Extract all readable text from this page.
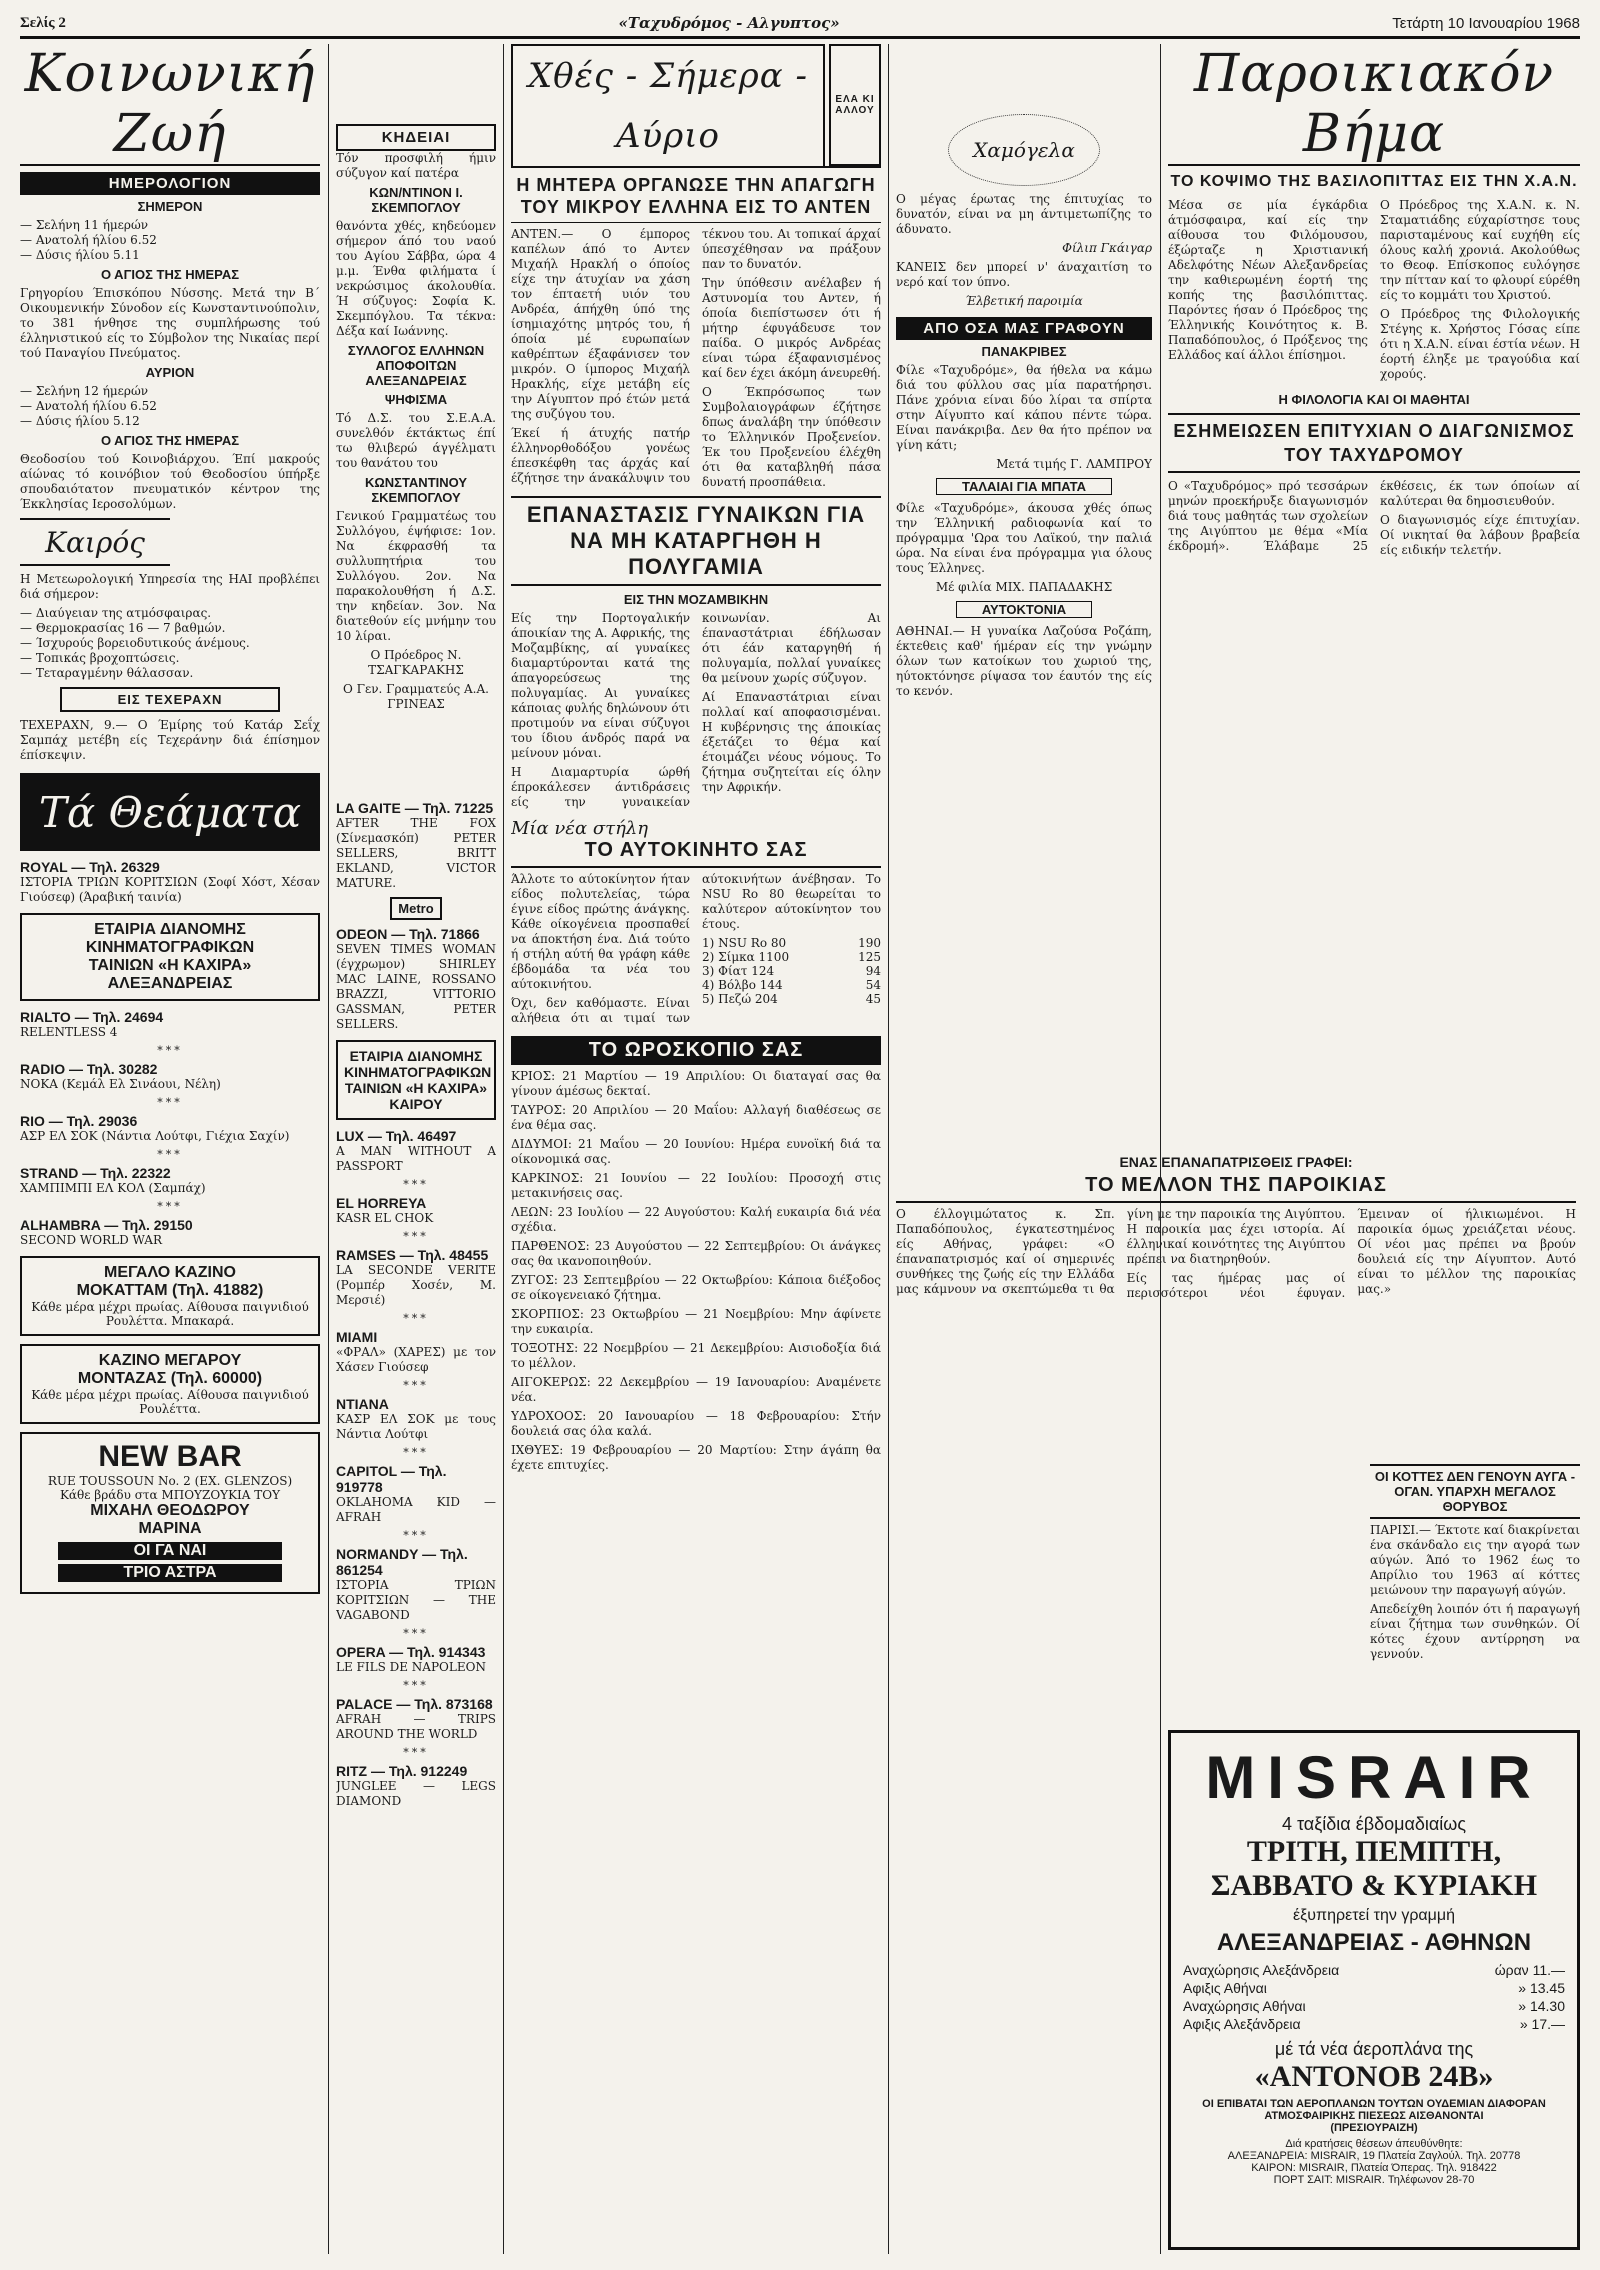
Σελίς 2	«Ταχυδρόμος - Αλγυπτος»	Τετάρτη 10 Ιανουαρίου 1968
Κοινωνική Ζωή
ΗΜΕΡΟΛΟΓΙΟΝ
ΣΗΜΕΡΟΝ

— Σελήνη 11 ήμερών

— Ανατολή ήλίου 6.52

— Δύσις ήλίου 5.11

Ο ΑΓΙΟΣ ΤΗΣ ΗΜΕΡΑΣ

Γρηγορίου Έπισκόπου Νύσσης. Μετά την Β΄ Οικουμενικήν Σύνοδον είς Κωνσταντινούπολιν, το 381 ήνθησε της συμπλήρωσης τού έλληνιστικού είς το Σύμβολον της Νικαίας περί τού Παναγίου Πνεύματος.

ΑΥΡΙΟΝ

— Σελήνη 12 ήμερών

— Ανατολή ήλίου 6.52

— Δύσις ήλίου 5.12

Ο ΑΓΙΟΣ ΤΗΣ ΗΜΕΡΑΣ

Θεοδοσίου τού Κοινοβιάρχου. Έπί μακρούς αίώνας τό κοινόβιον τού Θεοδοσίου ύπήρξε σπουδαιότατον πνευματικόν κέντρον της Έκκλησίας Ιεροσολύμων.

Καιρός

Η Μετεωρολογική Υπηρεσία της ΗΑΙ προβλέπει διά σήμερον:

— Διαύγειαν της ατμόσφαιρας.

— Θερμοκρασίας 16 — 7 βαθμών.

— Ίσχυρούς βορειοδυτικούς άνέμους.

— Τοπικάς βροχοπτώσεις.

— Τεταραγμένην θάλασσαν.

ΕΙΣ ΤΕΧΕΡΑΧΝ

ΤΕΧΕΡΑΧΝ, 9.— Ο Έμίρης τού Κατάρ Σεΐχ Σαμπάχ μετέβη είς Τεχεράνην διά έπίσημον έπίσκεψιν.

Τά Θεάματα
ROYAL — Τηλ. 26329

ΙΣΤΟΡΙΑ ΤΡΙΩΝ ΚΟΡΙΤΣΙΩΝ (Σοφί Χόστ, Χέσαν Γιούσεφ) (Άραβική ταινία)

ΕΤΑΙΡΙΑ ΔΙΑΝΟΜΗΣ
ΚΙΝΗΜΑΤΟΓΡΑΦΙΚΩΝ
ΤΑΙΝΙΩΝ «Η ΚΑΧΙΡΑ»
ΑΛΕΞΑΝΔΡΕΙΑΣ
RIALTO — Τηλ. 24694

RELENTLESS 4

***
RADIO — Τηλ. 30282

ΝΟΚΑ (Κεμάλ Ελ Σινάουι, Νέλη)

***
RIO — Τηλ. 29036

ΑΣΡ ΕΛ ΣΟΚ (Νάντια Λούτφι, Γιέχια Σαχίν)

***
STRAND — Τηλ. 22322

ΧΑΜΠΙΜΠΙ ΕΛ ΚΟΛ (Σαμπάχ)

***
ALHAMBRA — Τηλ. 29150

SECOND WORLD WAR

ΜΕΓΑΛΟ ΚΑΖΙΝΟ
MOKATTAM (Τηλ. 41882)
Κάθε μέρα μέχρι πρωίας. Αίθουσα παιγνιδιού Ρουλέττα. Μπακαρά.
ΚΑΖΙΝΟ ΜΕΓΑΡΟΥ
ΜΟΝΤΑΖΑΣ (Τηλ. 60000)
Κάθε μέρα μέχρι πρωίας. Αίθουσα παιγνιδιού Ρουλέττα.
NEW BAR
RUE TOUSSOUN No. 2 (EX. GLENZOS)
Κάθε βράδυ στα ΜΠΟΥΖΟΥΚΙΑ ΤΟΥ
ΜΙΧΑΗΛ ΘΕΟΔΩΡΟΥ
ΜΑΡΙΝΑ
ΟΙ ΓΑ ΝΑΙ
ΤΡΙΟ ΑΣΤΡΑ
ΚΗΔΕΙΑΙ

Τόν προσφιλή ήμιν σύζυγον καί πατέρα

ΚΩΝ/ΝΤΙΝΟΝ Ι. ΣΚΕΜΠΟΓΛΟΥ

θανόντα χθές, κηδεύομεν σήμερον άπό του ναού του Αγίου Σάββα, ώρα 4 μ.μ. Ένθα φιλήματα ί νεκρώσιμος άκολουθία. Ή σύζυγος: Σοφία Κ. Σκεμπόγλου. Τα τέκνα: Δέξα καί Ιωάννης.

ΣΥΛΛΟΓΟΣ ΕΛΛΗΝΩΝ ΑΠΟΦΟΙΤΩΝ ΑΛΕΞΑΝΔΡΕΙΑΣ
ΨΗΦΙΣΜΑ

Τό Δ.Σ. του Σ.Ε.Α.Α. συνελθόν έκτάκτως έπί τω θλιβερώ άγγέλματι του θανάτου του

ΚΩΝΣΤΑΝΤΙΝΟΥ ΣΚΕΜΠΟΓΛΟΥ

Γενικού Γραμματέως του Συλλόγου, έψήφισε: 1ον. Να έκφρασθή τα συλλυπητήρια του Συλλόγου. 2ον. Να παρακολουθήση ή Δ.Σ. την κηδείαν. 3ον. Να διατεθούν είς μνήμην του 10 λίραι.

Ο Πρόεδρος Ν. ΤΣΑΓΚΑΡΑΚΗΣ

Ο Γεν. Γραμματεύς Α.Α. ΓΡΙΝΕΑΣ

LA GAITE — Τηλ. 71225

AFTER THE FOX (Σίνεμασκόπ) PETER SELLERS, BRITT EKLAND, VICTOR MATURE.

Metro
ODEON — Τηλ. 71866

SEVEN TIMES WOMAN (έγχρωμον) SHIRLEY MAC LAINE, ROSSANO BRAZZI, VITTORIO GASSMAN, PETER SELLERS.

ΕΤΑΙΡΙΑ ΔΙΑΝΟΜΗΣ
ΚΙΝΗΜΑΤΟΓΡΑΦΙΚΩΝ
ΤΑΙΝΙΩΝ «Η ΚΑΧΙΡΑ»
ΚΑΙΡΟΥ
LUX — Τηλ. 46497

A MAN WITHOUT A PASSPORT

***
EL HORREYA

KASR EL CHOK

***
RAMSES — Τηλ. 48455

LA SECONDE VERITE (Ρομπέρ Χοσέν, Μ. Μερσιέ)

***
MIAMI

«ΦΡΑΛ» (ΧΑΡΕΣ) με τον Χάσεν Γιούσεφ

***
NTIANA

ΚΑΣΡ ΕΛ ΣΟΚ με τους Νάντια Λούτφι

***
CAPITOL — Τηλ. 919778

OKLAHOMA KID — AFRAH

***
NORMANDY — Τηλ. 861254

ΙΣΤΟΡΙΑ ΤΡΙΩΝ ΚΟΡΙΤΣΙΩΝ — THE VAGABOND

***
OPERA — Τηλ. 914343

LE FILS DE NAPOLEON

***
PALACE — Τηλ. 873168

AFRAH — TRIPS AROUND THE WORLD

***
RITZ — Τηλ. 912249

JUNGLEE — LEGS DIAMOND

Χθές - Σήμερα - Αύριο
ΕΛΑ ΚΙ ΑΛΛΟΥ
Η ΜΗΤΕΡΑ ΟΡΓΑΝΩΣΕ ΤΗΝ ΑΠΑΓΩΓΗ ΤΟΥ ΜΙΚΡΟΥ ΕΛΛΗΝΑ ΕΙΣ ΤΟ ΑΝΤΕΝ

ΑΝΤΕΝ.— Ο έμπορος καπέλων άπό το Αντεν Μιχαήλ Ηρακλή ο όποίος είχε την άτυχίαν να χάση τον έπταετή υιόν του Ανδρέα, άπήχθη ύπό της ίσημιαχότης μητρός του, ή όποία μέ ευρωπαίων καθρέπτων έξαφάνισεν τον μικρόν. Ο ίμπορος Μιχαήλ Ηρακλής, είχε μετάβη είς την Αίγυπτον πρό έτών μετά της συζύγου του.

Έκεί ή άτυχής πατήρ έλληνορθοδόξου γονέως έπεσκέφθη τας άρχάς καί έζήτησε την άνακάλυψιν του τέκνου του. Αι τοπικαί άρχαί ύπεσχέθησαν να πράξουν παν το δυνατόν.

Την ύπόθεσιν ανέλαβεν ή Αστυνομία του Αντεν, ή όποία διεπίστωσεν ότι ή μήτηρ έφυγάδευσε τον παίδα. Ο μικρός Ανδρέας είναι τώρα έξαφανισμένος καί δεν έχει άκόμη άνευρεθή.

Ο Έκπρόσωπος των Συμβολαιογράφων έζήτησε δπως άναλάβη την ύπόθεσιν το Έλληνικόν Προξενείον. Έκ του Προξενείου έλέχθη ότι θα καταβληθή πάσα δυνατή προσπάθεια.

ΕΠΑΝΑΣΤΑΣΙΣ ΓΥΝΑΙΚΩΝ ΓΙΑ ΝΑ ΜΗ ΚΑΤΑΡΓΗΘΗ Η ΠΟΛΥΓΑΜΙΑ
ΕΙΣ ΤΗΝ ΜΟΖΑΜΒΙΚΗΝ

Είς την Πορτογαλικήν άποικίαν της Α. Αφρικής, της Μοζαμβίκης, αί γυναίκες διαμαρτύρονται κατά της άπαγορεύσεως της πολυγαμίας. Αι γυναίκες κάποιας φυλής δηλώνουν ότι προτιμούν να είναι σύζυγοι του ίδιου άνδρός παρά να μείνουν μόναι.

Η Διαμαρτυρία ώρθή έπροκάλεσεν άντιδράσεις είς την γυναικείαν κοινωνίαν. Αι έπαναστάτριαι έδήλωσαν ότι έάν καταργηθή ή πολυγαμία, πολλαί γυναίκες θα μείνουν χωρίς σύζυγον.

Αί Επαναστάτριαι είναι πολλαί καί αποφασισμέναι. Η κυβέρνησις της άποικίας έξετάζει το θέμα καί έτοιμάζει νέους νόμους. Το ζήτημα συζητείται είς όλην την Αφρικήν.

Μία νέα στήλη
ΤΟ ΑΥΤΟΚΙΝΗΤΟ ΣΑΣ

Άλλοτε το αύτοκίνητον ήταν είδος πολυτελείας, τώρα έγινε είδος πρώτης άνάγκης. Κάθε οίκογένεια προσπαθεί να άποκτήση ένα. Διά τούτο ή στήλη αύτή θα γράφη κάθε έβδομάδα τα νέα του αύτοκινήτου.

Όχι, δεν καθόμαστε. Είναι αλήθεια ότι αι τιμαί των αύτοκινήτων άνέβησαν. Το ΝSU Ro 80 θεωρείται το καλύτερον αύτοκίνητον του έτους.

1) NSU Ro 80	190
2) Σίμκα 1100	125
3) Φίατ 124	94
4) Βόλβο 144	54
5) Πεζώ 204	45
ΤΟ ΩΡΟΣΚΟΠΙΟ ΣΑΣ

ΚΡΙΟΣ: 21 Μαρτίου — 19 Απριλίου: Οι διαταγαί σας θα γίνουν άμέσως δεκταί.

ΤΑΥΡΟΣ: 20 Απριλίου — 20 Μαΐου: Αλλαγή διαθέσεως σε ένα θέμα σας.

ΔΙΔΥΜΟΙ: 21 Μαΐου — 20 Ιουνίου: Ημέρα ευνοϊκή διά τα οίκονομικά σας.

ΚΑΡΚΙΝΟΣ: 21 Ιουνίου — 22 Ιουλίου: Προσοχή στις μετακινήσεις σας.

ΛΕΩΝ: 23 Ιουλίου — 22 Αυγούστου: Καλή ευκαιρία διά νέα σχέδια.

ΠΑΡΘΕΝΟΣ: 23 Αυγούστου — 22 Σεπτεμβρίου: Οι άνάγκες σας θα ικανοποιηθούν.

ΖΥΓΟΣ: 23 Σεπτεμβρίου — 22 Οκτωβρίου: Κάποια διέξοδος σε οίκογενειακό ζήτημα.

ΣΚΟΡΠΙΟΣ: 23 Οκτωβρίου — 21 Νοεμβρίου: Μην άφίνετε την ευκαιρία.

ΤΟΞΟΤΗΣ: 22 Νοεμβρίου — 21 Δεκεμβρίου: Αισιοδοξία διά το μέλλον.

ΑΙΓΟΚΕΡΩΣ: 22 Δεκεμβρίου — 19 Ιανουαρίου: Αναμένετε νέα.

ΥΔΡΟΧΟΟΣ: 20 Ιανουαρίου — 18 Φεβρουαρίου: Στήν δουλειά σας όλα καλά.

ΙΧΘΥΕΣ: 19 Φεβρουαρίου — 20 Μαρτίου: Στην άγάπη θα έχετε επιτυχίες.

Χαμόγελα

Ο μέγας έρωτας της έπιτυχίας το δυνατόν, είναι να μη άντιμετωπίζης το άδυνατο.

Φίλιπ Γκάιγαρ

ΚΑΝΕΙΣ δεν μπορεί ν' άναχαιτίση το νερό καί τον ύπνο.

Έλβετική παροιμία

ΑΠΟ ΟΣΑ ΜΑΣ ΓΡΑΦΟΥΝ
ΠΑΝΑΚΡΙΒΕΣ

Φίλε «Ταχυδρόμε», θα ήθελα να κάμω διά του φύλλου σας μία παρατήρησι. Πάνε χρόνια είναι δύο λίραι τα σπίρτα στην Αίγυπτο καί κάπου πέντε τώρα. Είναι πανάκριβα. Δεν θα ήτο πρέπον να γίνη κάτι;

Μετά τιμής Γ. ΛΑΜΠΡΟΥ

ΤΑΛΑΙΑΙ ΓΙΑ ΜΠΑΤΑ

Φίλε «Ταχυδρόμε», άκουσα χθές όπως την Έλληνική ραδιοφωνία καί το πρόγραμμα 'Ωρα του Λαϊκού, την παλιά ώρα. Να είναι ένα πρόγραμμα για όλους τους Έλληνες.

Μέ φιλία ΜΙΧ. ΠΑΠΑΔΑΚΗΣ

ΑΥΤΟΚΤΟΝΙΑ

ΑΘΗΝΑΙ.— Η γυναίκα Λαζούσα Ροζάπη, έκτεθεις καθ' ήμέραν είς την γνώμην όλων των κατοίκων του χωριού της, ηύτοκτόνησε ρίψασα τον έαυτόν της είς το κενόν.

ΕΝΑΣ ΕΠΑΝΑΠΑΤΡΙΣΘΕΙΣ ΓΡΑΦΕΙ:
ΤΟ ΜΕΛΛΟΝ ΤΗΣ ΠΑΡΟΙΚΙΑΣ

Ο έλλογιμώτατος κ. Σπ. Παπαδόπουλος, έγκατεστημένος είς Αθήνας, γράφει: «Ο έπαναπατρισμός καί οί σημερινές συνθήκες της ζωής είς την Ελλάδα μας κάμνουν να σκεπτώμεθα τι θα γίνη με την παροικία της Αιγύπτου. Η παροικία μας έχει ιστορία. Αί έλληνικαί κοινότητες της Αιγύπτου πρέπει να διατηρηθούν.

Είς τας ήμέρας μας οί περισσότεροι νέοι έφυγαν. Έμειναν οί ήλικιωμένοι. Η παροικία όμως χρειάζεται νέους. Οί νέοι μας πρέπει να βρούν δουλειά είς την Αίγυπτον. Αυτό είναι το μέλλον της παροικίας μας.»

Παροικιακόν Βήμα
ΤΟ ΚΟΨΙΜΟ ΤΗΣ ΒΑΣΙΛΟΠΙΤΤΑΣ ΕΙΣ ΤΗΝ Χ.Α.Ν.

Μέσα σε μία έγκάρδια άτμόσφαιρα, καί είς την αίθουσα του Φιλόμουσου, έξώρταζε η Χριστιανική Αδελφότης Νέων Αλεξανδρείας την καθιερωμένη έορτή της κοπής της βασιλόπιττας. Παρόντες ήσαν ό Πρόεδρος της Έλληνικής Κοινότητος κ. Β. Παπαδόπουλος, ό Πρόξενος της Ελλάδος καί άλλοι έπίσημοι.

Ο Πρόεδρος της Χ.Α.Ν. κ. Ν. Σταματιάδης εύχαρίστησε τους παρισταμένους καί ευχήθη είς όλους καλή χρονιά. Ακολούθως το Θεοφ. Επίσκοπος ευλόγησε την πίτταν καί το φλουρί εύρέθη είς το κομμάτι του Χριστού.

Ο Πρόεδρος της Φιλολογικής Στέγης κ. Χρήστος Γόσας είπε ότι η Χ.Α.Ν. είναι έστία νέων. Η έορτή έληξε με τραγούδια καί χορούς.

Η ΦΙΛΟΛΟΓΙΑ ΚΑΙ ΟΙ ΜΑΘΗΤΑΙ
ΕΣΗΜΕΙΩΣΕΝ ΕΠΙΤΥΧΙΑΝ Ο ΔΙΑΓΩΝΙΣΜΟΣ ΤΟΥ ΤΑΧΥΔΡΟΜΟΥ

Ο «Ταχυδρόμος» πρό τεσσάρων μηνών προεκήρυξε διαγωνισμόν διά τους μαθητάς των σχολείων της Αιγύπτου με θέμα «Μία έκδρομή». Έλάβαμε 25 έκθέσεις, έκ των όποίων αί καλύτεραι θα δημοσιευθούν.

Ο διαγωνισμός είχε έπιτυχίαν. Οί νικηταί θα λάβουν βραβεία είς ειδικήν τελετήν.

ΟΙ ΚΟΤΤΕΣ ΔΕΝ ΓΕΝΟΥΝ ΑΥΓΑ - ΟΓΑΝ. ΥΠΑΡΧΗ ΜΕΓΑΛΟΣ ΘΟΡΥΒΟΣ

ΠΑΡΙΣΙ.— Έκτοτε καί διακρίνεται ένα σκάνδαλο εις την αγορά των αύγών. Άπό το 1962 έως το Απρίλιο του 1963 αί κόττες μειώνουν την παραγωγή αύγών.

Απεδείχθη λοιπόν ότι ή παραγωγή είναι ζήτημα των συνθηκών. Οί κότες έχουν αντίρρηση να γεννούν.

MISRAIR
4 ταξίδια έβδομαδιαίως
ΤΡΙΤΗ, ΠΕΜΠΤΗ,
ΣΑΒΒΑΤΟ & ΚΥΡΙΑΚΗ
έξυπηρετεί την γραμμή
ΑΛΕΞΑΝΔΡΕΙΑΣ - ΑΘΗΝΩΝ
Αναχώρησις Αλεξάνδρεια	ώραν 11.—
Αφιξις Αθήναι	» 13.45
Αναχώρησις Αθήναι	» 14.30
Αφιξις Αλεξάνδρεια	» 17.—
μέ τά νέα άεροπλάνα της
«ΑΝΤΟΝΟΒ 24Β»
ΟΙ ΕΠΙΒΑΤΑΙ ΤΩΝ ΑΕΡΟΠΛΑΝΩΝ ΤΟΥΤΩΝ ΟΥΔΕΜΙΑΝ ΔΙΑΦΟΡΑΝ ΑΤΜΟΣΦΑΙΡΙΚΗΣ ΠΙΕΣΕΩΣ ΑΙΣΘΑΝΟΝΤΑΙ
(ΠΡΕΣΙΟΥΡΑΙΖΗ)
Διά κρατήσεις θέσεων άπευθύνθητε:
ΑΛΕΞΑΝΔΡΕΙΑ: MISRAIR, 19 Πλατεία Ζαγλούλ. Τηλ. 20778
ΚΑΙΡΟΝ: MISRAIR, Πλατεία Όπερας. Τηλ. 918422
ΠΟΡΤ ΣΑΙΤ: MISRAIR. Τηλέφωνον 28-70
